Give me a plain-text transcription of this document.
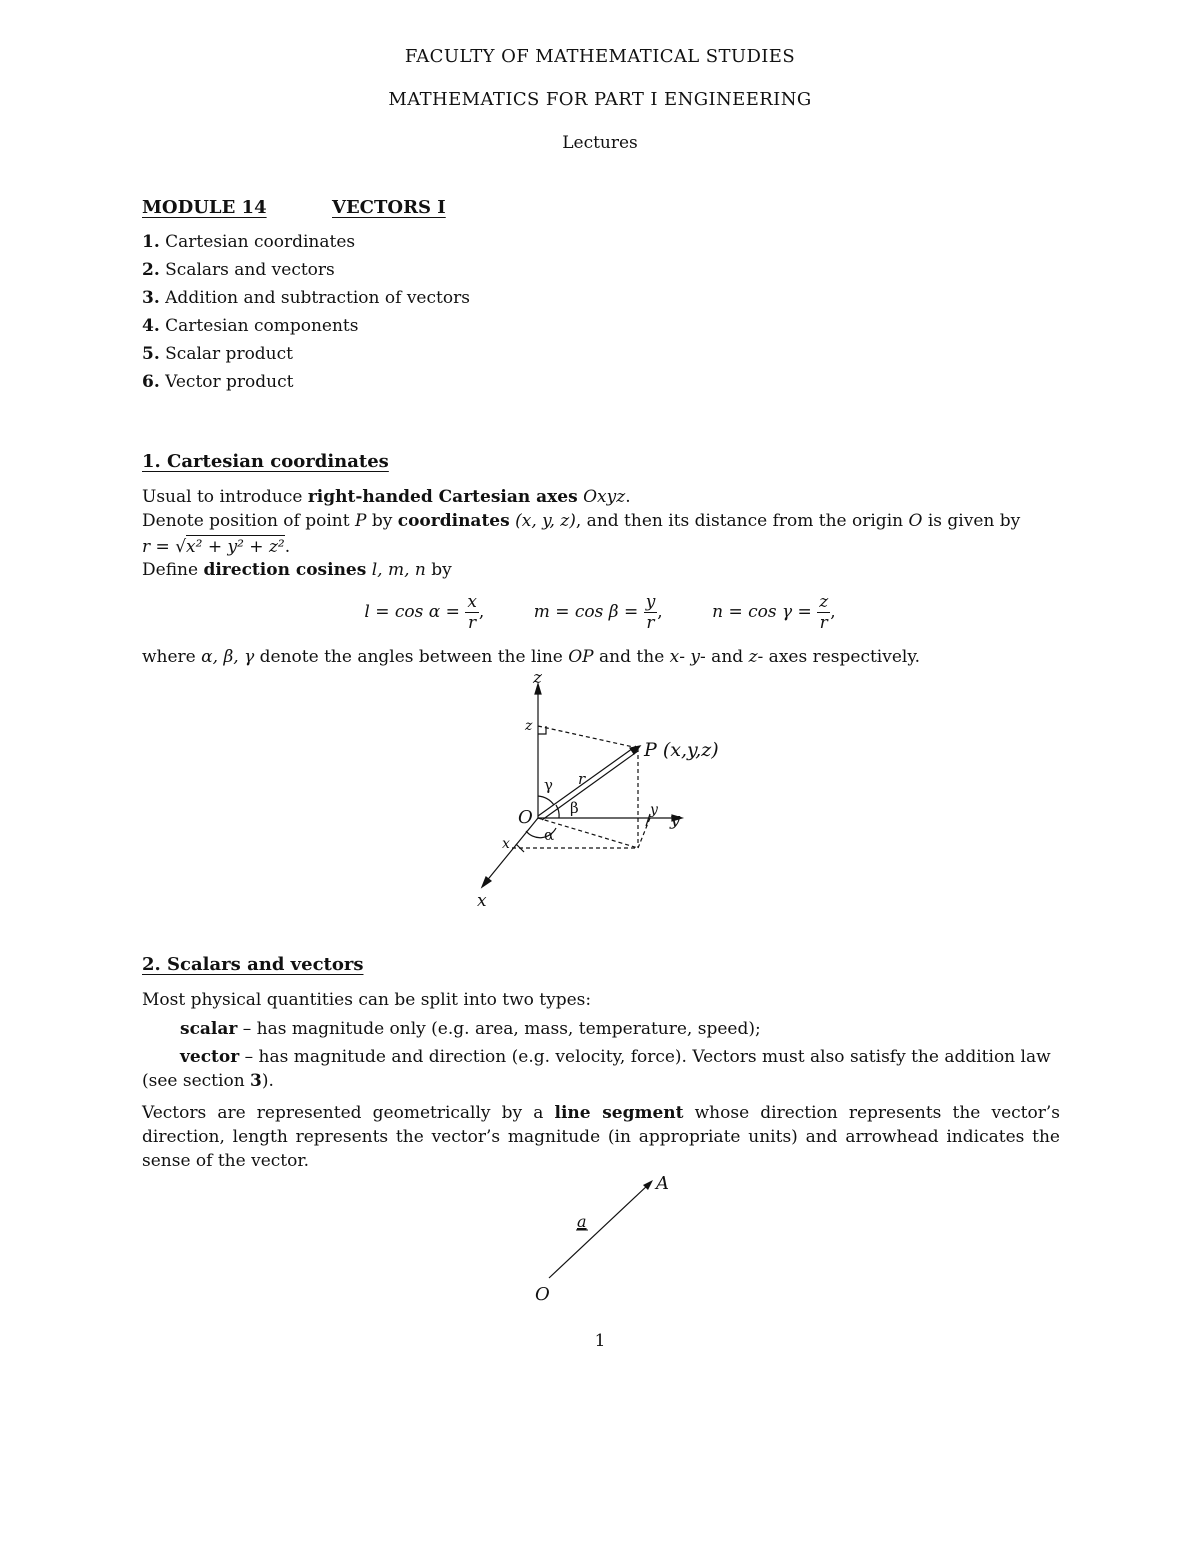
FACULTY OF MATHEMATICAL STUDIES
MATHEMATICS FOR PART I ENGINEERING
Lectures
MODULE 14	VECTORS I
1. Cartesian coordinates
2. Scalars and vectors
3. Addition and subtraction of vectors
4. Cartesian components
5. Scalar product
6. Vector product
1. Cartesian coordinates
Usual to introduce right-handed Cartesian axes Oxyz.
Denote position of point P by coordinates (x, y, z), and then its distance from the origin O is given by
r = √x² + y² + z².
Define direction cosines l, m, n by
$l = \cos \alpha = \frac{x}{r}$ ,	$m = \cos \beta = \frac{y}{r}$ ,	$n = \cos \gamma = \frac{z}{r}$ ,
where α, β, γ denote the angles between the line OP and the x- y- and z- axes respectively.
z
z
P (x,y,z)
γ r
β
O	y y
α
x
x
2. Scalars and vectors
Most physical quantities can be split into two types:
scalar – has magnitude only (e.g. area, mass, temperature, speed);
vector – has magnitude and direction (e.g. velocity, force). Vectors must also satisfy the addition law
(see section 3).
Vectors are represented geometrically by a line segment whose direction represents the vector’s direction, length represents the vector’s magnitude (in appropriate units) and arrowhead indicates the sense of the vector.
A
a
O
1
